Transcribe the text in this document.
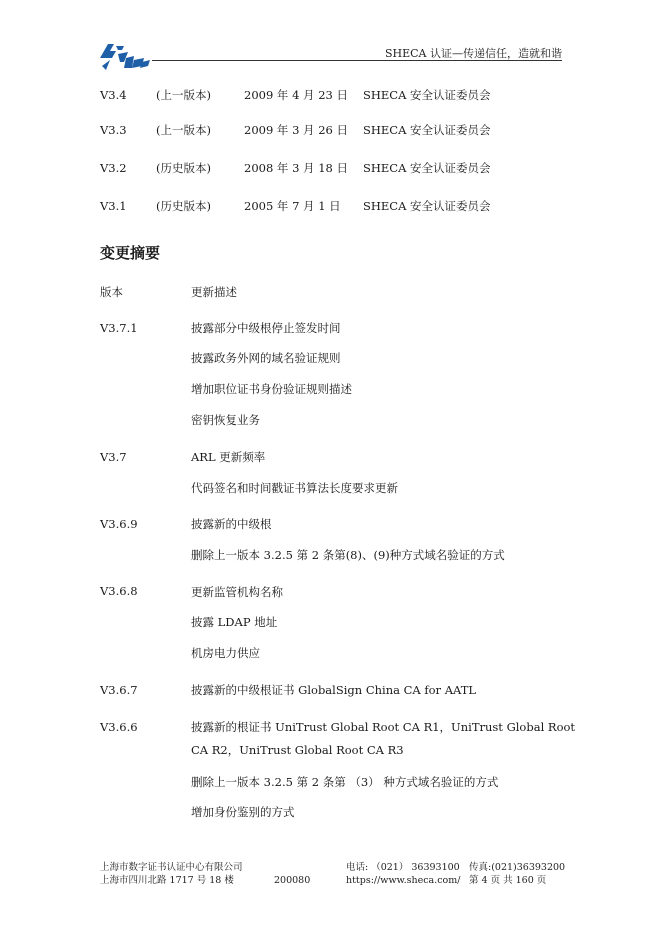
SHECA 认证—传递信任，造就和谐
V3.4	(上一版本)	2009 年 4 月 23 日 SHECA 安全认证委员会
V3.3	(上一版本)	2009 年 3 月 26 日 SHECA 安全认证委员会
V3.2	(历史版本)	2008 年 3 月 18 日 SHECA 安全认证委员会
V3.1	(历史版本)	2005 年 7 月 1 日 SHECA 安全认证委员会
变更摘要
版本	更新描述
V3.7.1	披露部分中级根停止签发时间
披露政务外网的域名验证规则
增加职位证书身份验证规则描述
密钥恢复业务
V3.7	ARL 更新频率
代码签名和时间戳证书算法长度要求更新
V3.6.9	披露新的中级根
删除上一版本 3.2.5 第 2 条第(8)、(9)种方式域名验证的方式
V3.6.8	更新监管机构名称
披露 LDAP 地址
机房电力供应
V3.6.7	披露新的中级根证书 GlobalSign China CA for AATL
V3.6.6	披露新的根证书 UniTrust Global Root CA R1，UniTrust Global Root
CA R2，UniTrust Global Root CA R3
删除上一版本 3.2.5 第 2 条第 （3） 种方式域名验证的方式
增加身份鉴别的方式
上海市数字证书认证中心有限公司
上海市四川北路 1717 号 18 楼	200080
电话: （021） 36393100
https://www.sheca.com/
传真:(021)36393200
第 4 页 共 160 页
